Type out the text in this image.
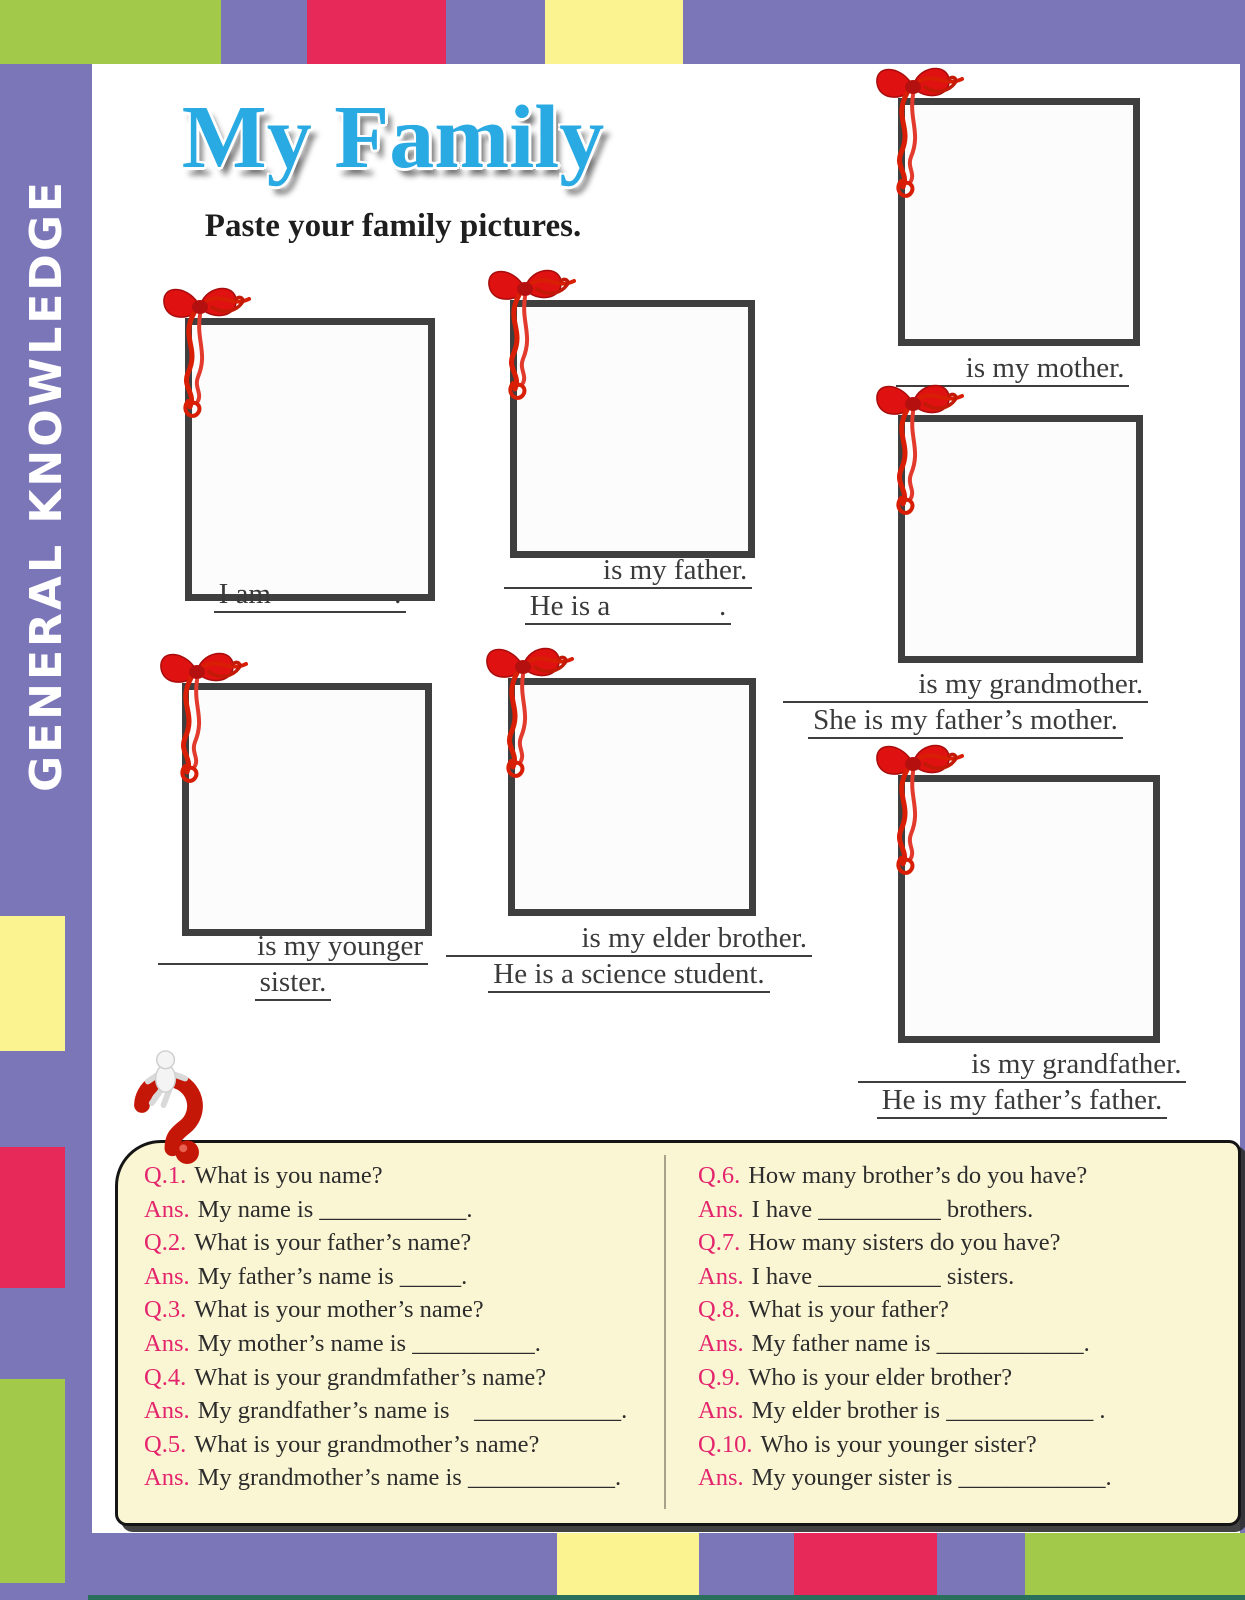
GENERAL KNOWLEDGE
My Family
Paste your family pictures.
I am                 .
is my father.
He is a               .
is my mother.
is my grandmother.
She is my father’s mother.
is my younger
sister.
is my elder brother.
He is a science student.
is my grandfather.
He is my father’s father.
Q.1. What is you name?
Ans. My name is ____________.
Q.2. What is your father’s name?
Ans. My father’s name is _____.
Q.3. What is your mother’s name?
Ans. My mother’s name is __________.
Q.4. What is your grandmfather’s name?
Ans. My grandfather’s name is    ____________.
Q.5. What is your grandmother’s name?
Ans. My grandmother’s name is ____________.
Q.6. How many brother’s do you have?
Ans. I have __________ brothers.
Q.7. How many sisters do you have?
Ans. I have __________ sisters.
Q.8. What is your father?
Ans. My father name is ____________.
Q.9. Who is your elder brother?
Ans. My elder brother is ____________ .
Q.10. Who is your younger sister?
Ans. My younger sister is ____________.
